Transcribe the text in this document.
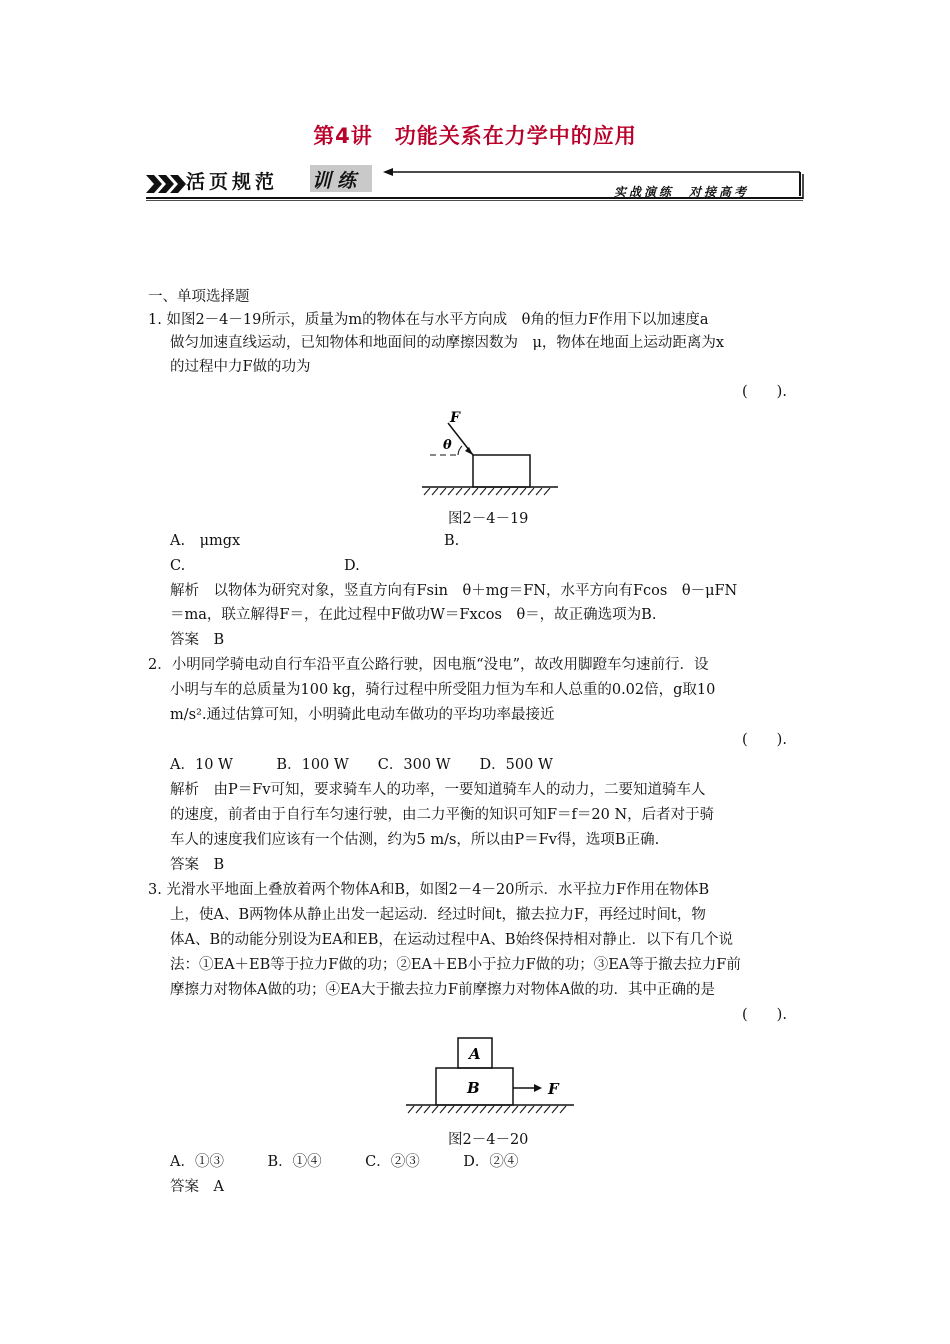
第4讲　功能关系在力学中的应用
活页规范 训练	实战演练　对接高考
一、单项选择题
1. 如图2－4－19所示，质量为m的物体在与水平方向成　θ角的恒力F作用下以加速度a
做匀加速直线运动，已知物体和地面间的动摩擦因数为　μ，物体在地面上运动距离为x
的过程中力F做的功为
(　　).
F
θ
图2－4－19
A.　μmgx	B.
C.	D.
解析　以物体为研究对象，竖直方向有Fsin　θ＋mg＝FN，水平方向有Fcos　θ－μFN
＝ma，联立解得F＝，在此过程中F做功W＝Fxcos　θ＝，故正确选项为B.
答案　B
2．小明同学骑电动自行车沿平直公路行驶，因电瓶“没电”，故改用脚蹬车匀速前行．设
小明与车的总质量为100 kg，骑行过程中所受阻力恒为车和人总重的0.02倍，g取10
m/s².通过估算可知，小明骑此电动车做功的平均功率最接近
(　　).
A．10 W　　　B．100 W　　C．300 W　　D．500 W
解析　由P＝Fv可知，要求骑车人的功率，一要知道骑车人的动力，二要知道骑车人
的速度，前者由于自行车匀速行驶，由二力平衡的知识可知F＝f＝20 N，后者对于骑
车人的速度我们应该有一个估测，约为5 m/s，所以由P＝Fv得，选项B正确.
答案　B
3. 光滑水平地面上叠放着两个物体A和B，如图2－4－20所示．水平拉力F作用在物体B
上，使A、B两物体从静止出发一起运动．经过时间t，撤去拉力F，再经过时间t，物
体A、B的动能分别设为EA和EB，在运动过程中A、B始终保持相对静止．以下有几个说
法：①EA＋EB等于拉力F做的功；②EA＋EB小于拉力F做的功；③EA等于撤去拉力F前
摩擦力对物体A做的功；④EA大于撤去拉力F前摩擦力对物体A做的功．其中正确的是
(　　).
A
B	F
图2－4－20
A．①③　　　B．①④　　　C．②③　　　D．②④
答案　A
